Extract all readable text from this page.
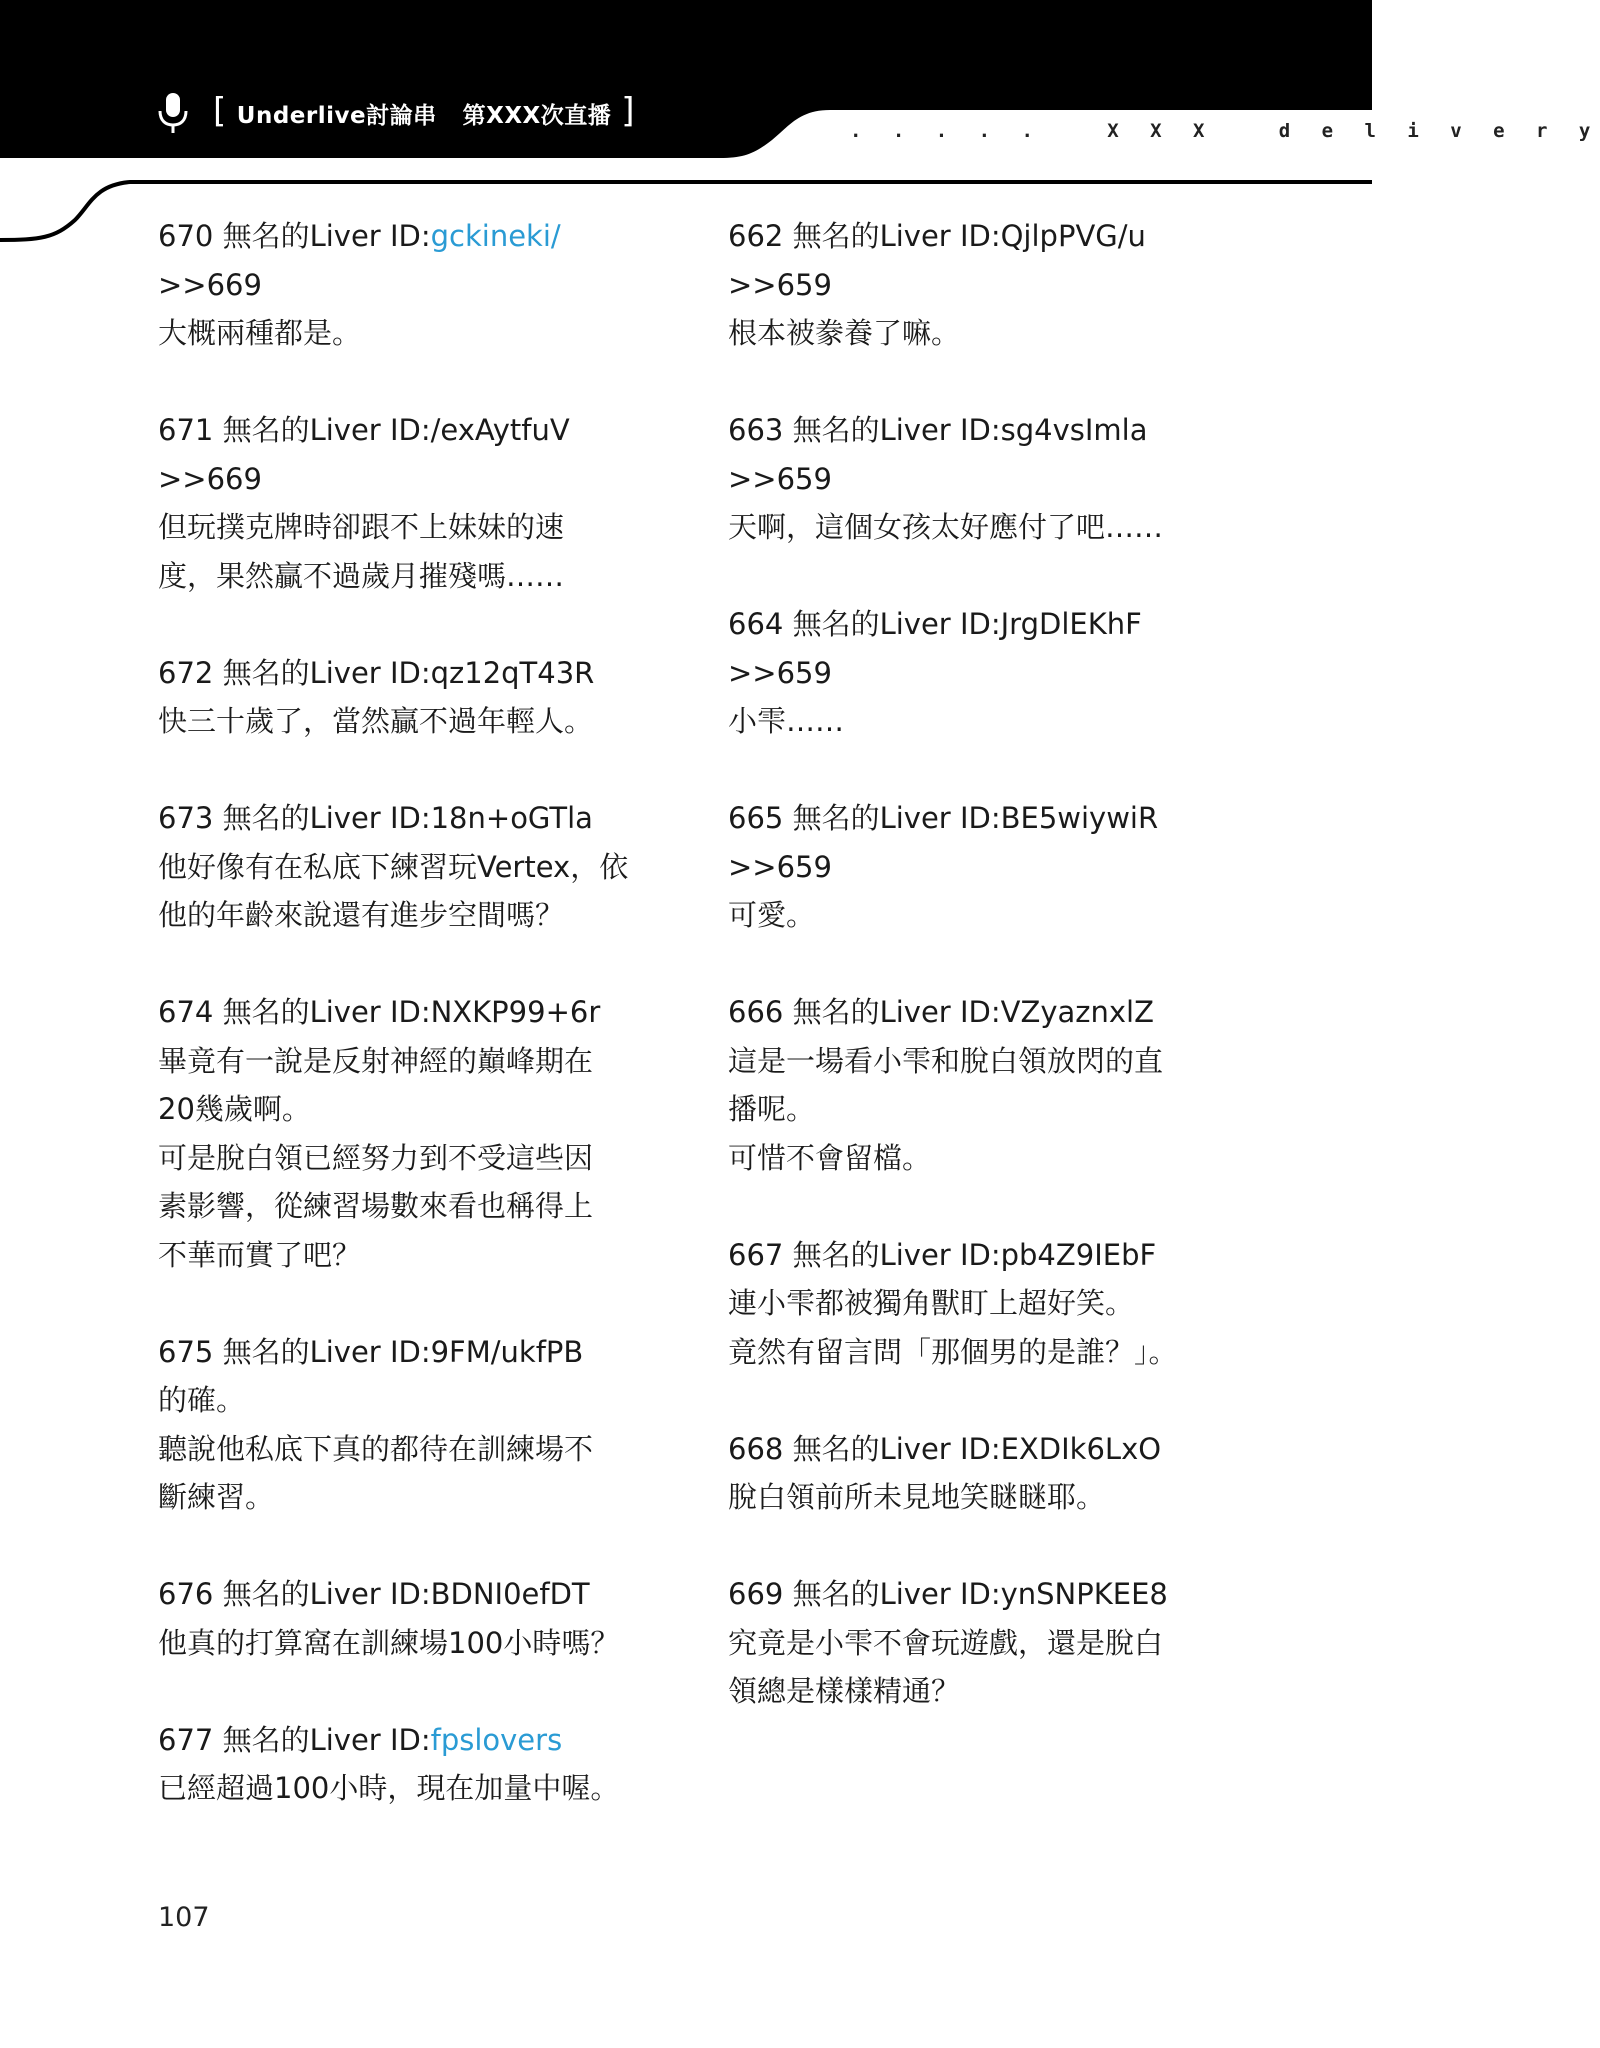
[ Underlive討論串 第XXX次直播 ]	. . . . .   X X X   d e l i v e r y
670 無名的Liver ID:gckineki/
>>669
大概兩種都是。
671 無名的Liver ID:/exAytfuV
>>669
但玩撲克牌時卻跟不上妹妹的速
度，果然贏不過歲月摧殘嗎……
672 無名的Liver ID:qz12qT43R
快三十歲了，當然贏不過年輕人。
673 無名的Liver ID:18n+oGTla
他好像有在私底下練習玩Vertex，依
他的年齡來說還有進步空間嗎？
674 無名的Liver ID:NXKP99+6r
畢竟有一說是反射神經的巔峰期在
20幾歲啊。
可是脫白領已經努力到不受這些因
素影響，從練習場數來看也稱得上
不華而實了吧？
675 無名的Liver ID:9FM/ukfPB
的確。
聽說他私底下真的都待在訓練場不
斷練習。
676 無名的Liver ID:BDNI0efDT
他真的打算窩在訓練場100小時嗎？
677 無名的Liver ID:fpslovers
已經超過100小時，現在加量中喔。
662 無名的Liver ID:QjlpPVG/u
>>659
根本被豢養了嘛。
663 無名的Liver ID:sg4vsImla
>>659
天啊，這個女孩太好應付了吧……
664 無名的Liver ID:JrgDlEKhF
>>659
小雫……
665 無名的Liver ID:BE5wiywiR
>>659
可愛。
666 無名的Liver ID:VZyaznxlZ
這是一場看小雫和脫白領放閃的直
播呢。
可惜不會留檔。
667 無名的Liver ID:pb4Z9IEbF
連小雫都被獨角獸盯上超好笑。
竟然有留言問「那個男的是誰？」。
668 無名的Liver ID:EXDIk6LxO
脫白領前所未見地笑瞇瞇耶。
669 無名的Liver ID:ynSNPKEE8
究竟是小雫不會玩遊戲，還是脫白
領總是樣樣精通？
107
